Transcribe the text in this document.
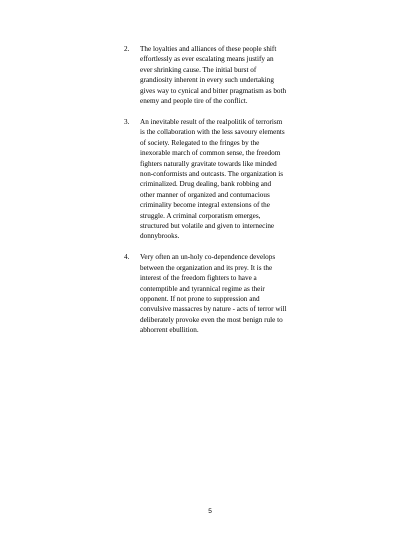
2.	The loyalties and alliances of these people shift
effortlessly as ever escalating means justify an
ever shrinking cause. The initial burst of
grandiosity inherent in every such undertaking
gives way to cynical and bitter pragmatism as both
enemy and people tire of the conflict.
3.	An inevitable result of the realpolitik of terrorism
is the collaboration with the less savoury elements
of society. Relegated to the fringes by the
inexorable march of common sense, the freedom
fighters naturally gravitate towards like minded
non-conformists and outcasts. The organization is
criminalized. Drug dealing, bank robbing and
other manner of organized and contumacious
criminality become integral extensions of the
struggle. A criminal corporatism emerges,
structured but volatile and given to internecine
donnybrooks.
4.	Very often an un-holy co-dependence develops
between the organization and its prey. It is the
interest of the freedom fighters to have a
contemptible and tyrannical regime as their
opponent. If not prone to suppression and
convulsive massacres by nature - acts of terror will
deliberately provoke even the most benign rule to
abhorrent ebullition.
5
